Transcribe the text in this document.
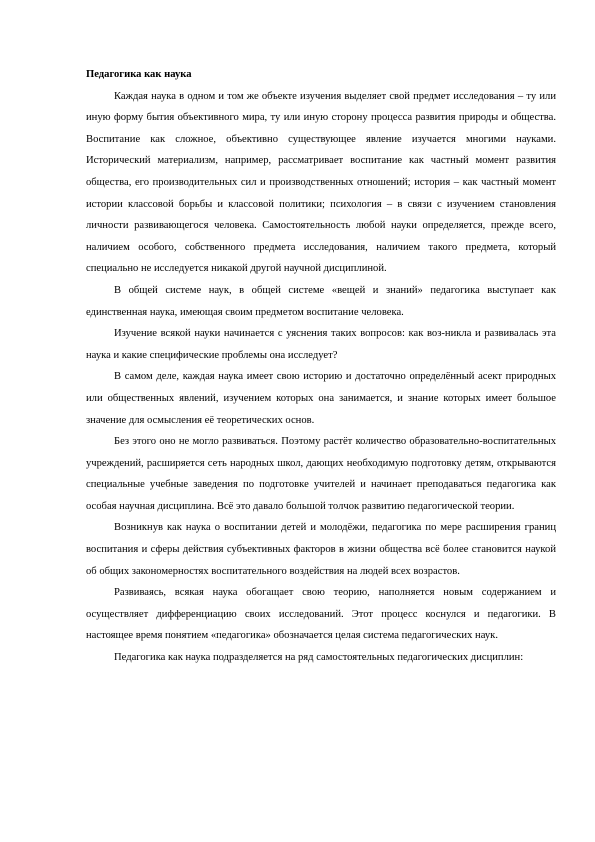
Педагогика как наука

Каждая наука в одном и том же объекте изучения выделяет свой предмет исследования – ту или иную форму бытия объективного мира, ту или иную сторону процесса развития природы и общества. Воспитание как сложное, объективно существующее явление изучается многими науками. Исторический материализм, например, рассматривает воспитание как частный момент развития общества, его производительных сил и производственных отношений; история – как частный момент истории классовой борьбы и классовой политики; психология – в связи с изучением становления личности развивающегося человека. Самостоятельность любой науки определяется, прежде всего, наличием особого, собственного предмета исследования, наличием такого предмета, который специально не исследуется никакой другой научной дисциплиной.

В общей системе наук, в общей системе «вещей и знаний» педагогика выступает как единственная наука, имеющая своим предметом воспитание человека.

Изучение всякой науки начинается с уяснения таких вопросов: как воз-никла и развивалась эта наука и какие специфические проблемы она исследует?

В самом деле, каждая наука имеет свою историю и достаточно определённый асект природных или общественных явлений, изучением которых она занимается, и знание которых имеет большое значение для осмысления её теоретических основ.

Без этого оно не могло развиваться. Поэтому растёт количество образовательно-воспитательных учреждений, расширяется сеть народных школ, дающих необходимую подготовку детям, открываются специальные учебные заведения по подготовке учителей и начинает преподаваться педагогика как особая научная дисциплина. Всё это давало большой толчок развитию педагогической теории.

Возникнув как наука о воспитании детей и молодёжи, педагогика по мере расширения границ воспитания и сферы действия субъективных факторов в жизни общества всё более становится наукой об общих закономерностях воспитательного воздействия на людей всех возрастов.

Развиваясь, всякая наука обогащает свою теорию, наполняется новым содержанием и осуществляет дифференциацию своих исследований. Этот процесс коснулся и педагогики. В настоящее время понятием «педагогика» обозначается целая система педагогических наук.

Педагогика как наука подразделяется на ряд самостоятельных педагогических дисциплин:
